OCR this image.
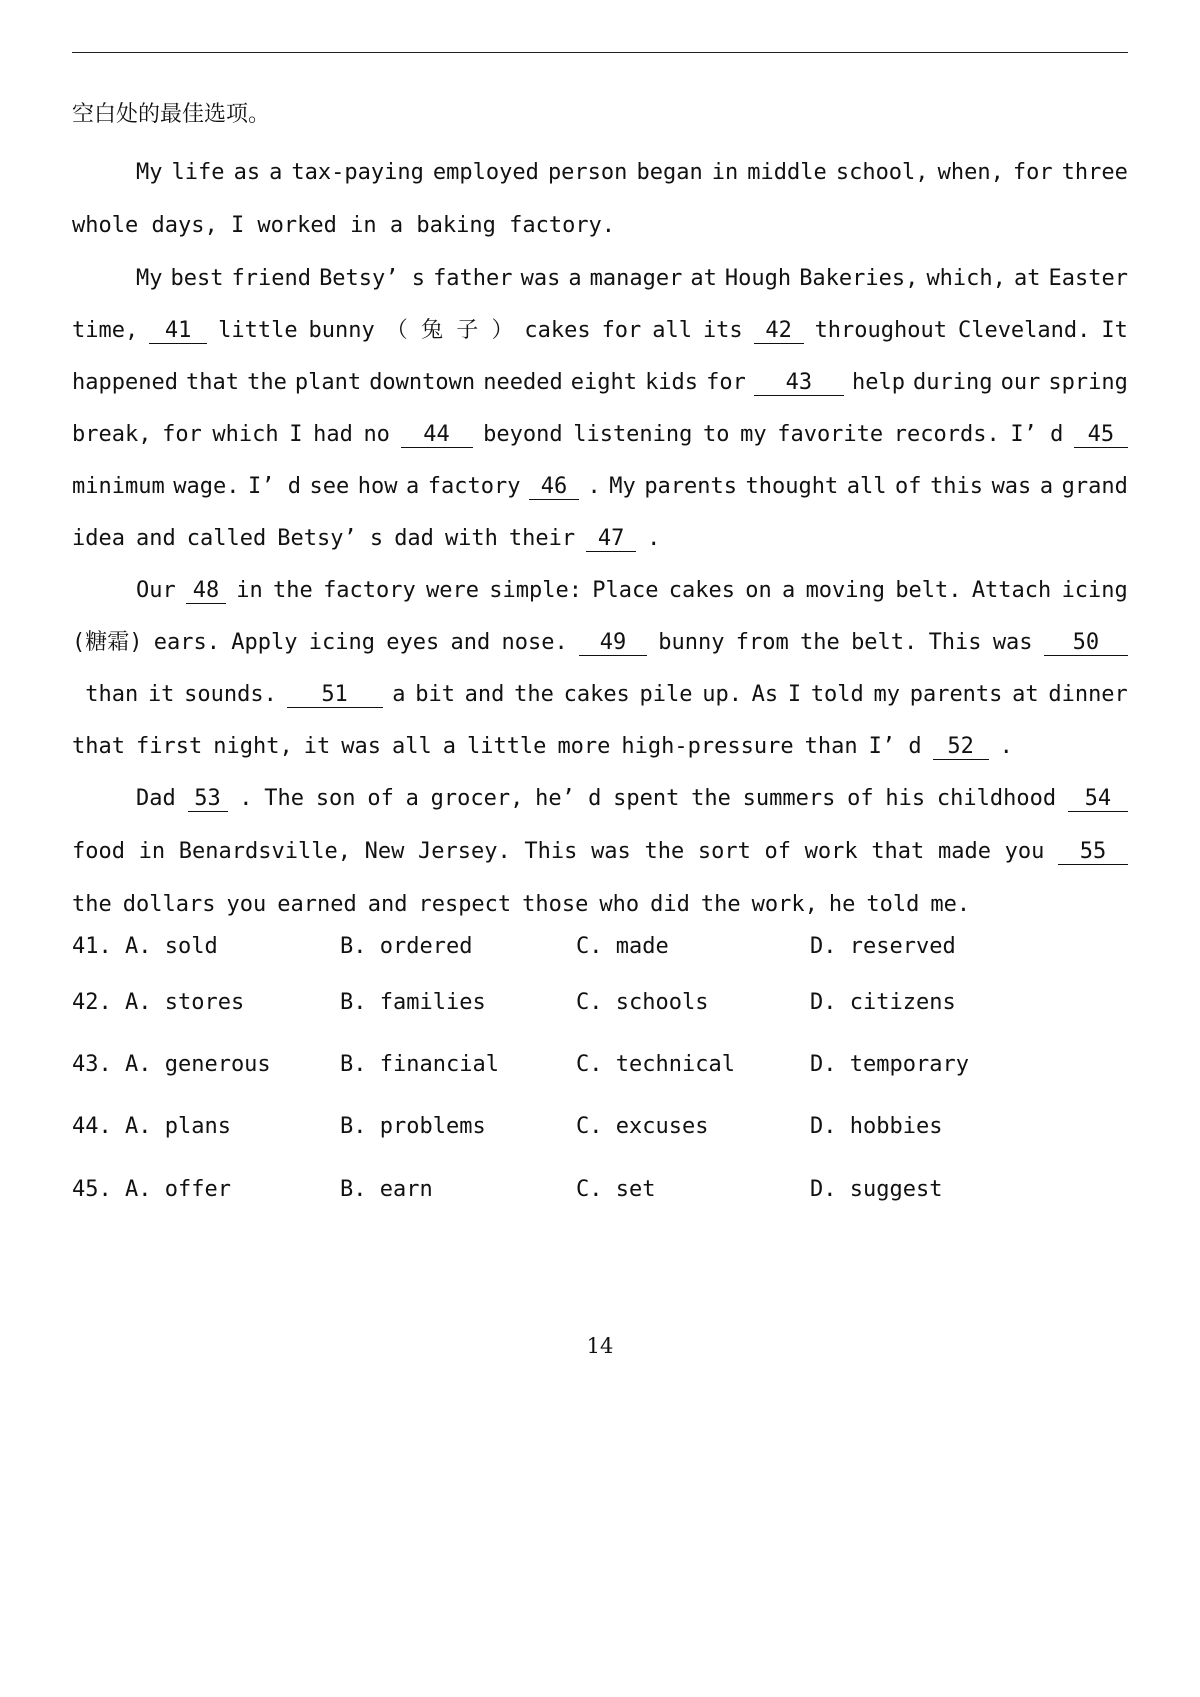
空白处的最佳选项。
My life as a tax-paying employed person began in middle school, when, for three
whole days, I worked in a baking factory.
My best friend Betsy’ s father was a manager at Hough Bakeries, which, at Easter
time,	41	little bunny （ 兔 子 ） cakes for all its	42	throughout Cleveland. It
happened that the plant downtown needed eight kids for	43	help during our spring
break, for which I had no	44	beyond listening to my favorite records. I’ d	45
minimum wage. I’ d see how a factory 46 . My parents thought all of this was a grand
idea and called Betsy’ s dad with their	47	.
Our 48 in the factory were simple: Place cakes on a moving belt. Attach icing
(糖霜) ears. Apply icing eyes and nose.	49	bunny from the belt. This was	50
than it sounds.	51	a bit and the cakes pile up. As I told my parents at dinner
that first night, it was all a little more high-pressure than I’ d	52	.
Dad 53 . The son of a grocer, he’ d spent the summers of his childhood	54
food in Benardsville, New Jersey. This was the sort of work that made you	55
the dollars you earned and respect those who did the work, he told me.
41. A. sold	B. ordered	C. made	D. reserved
42. A. stores	B. families	C. schools	D. citizens
43. A. generous	B. financial	C. technical	D. temporary
44. A. plans	B. problems	C. excuses	D. hobbies
45. A. offer	B. earn	C. set	D. suggest
14
